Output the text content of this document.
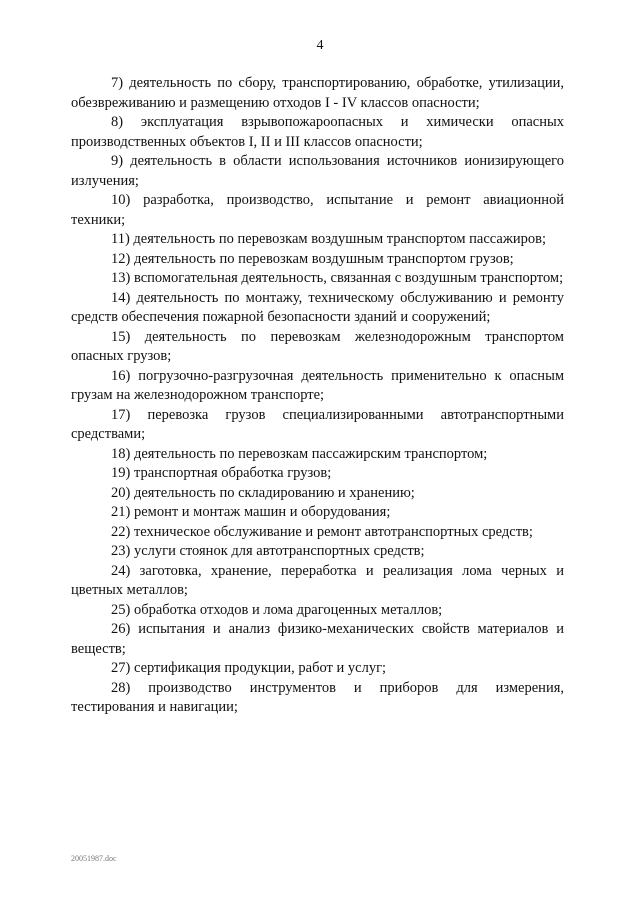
4

7) деятельность по сбору, транспортированию, обработке, утилизации, обезвреживанию и размещению отходов I - IV классов опасности;

8) эксплуатация взрывопожароопасных и химически опасных производственных объектов I, II и III классов опасности;

9) деятельность в области использования источников ионизирующего излучения;

10) разработка, производство, испытание и ремонт авиационной техники;

11) деятельность по перевозкам воздушным транспортом пассажиров;

12) деятельность по перевозкам воздушным транспортом грузов;

13) вспомогательная деятельность, связанная с воздушным транспортом;

14) деятельность по монтажу, техническому обслуживанию и ремонту средств обеспечения пожарной безопасности зданий и сооружений;

15) деятельность по перевозкам железнодорожным транспортом опасных грузов;

16) погрузочно-разгрузочная деятельность применительно к опасным грузам на железнодорожном транспорте;

17) перевозка грузов специализированными автотранспортными средствами;

18) деятельность по перевозкам пассажирским транспортом;

19) транспортная обработка грузов;

20) деятельность по складированию и хранению;

21) ремонт и монтаж машин и оборудования;

22) техническое обслуживание и ремонт автотранспортных средств;

23) услуги стоянок для автотранспортных средств;

24) заготовка, хранение, переработка и реализация лома черных и цветных металлов;

25) обработка отходов и лома драгоценных металлов;

26) испытания и анализ физико-механических свойств материалов и веществ;

27) сертификация продукции, работ и услуг;

28) производство инструментов и приборов для измерения, тестирования и навигации;

20051987.doc
